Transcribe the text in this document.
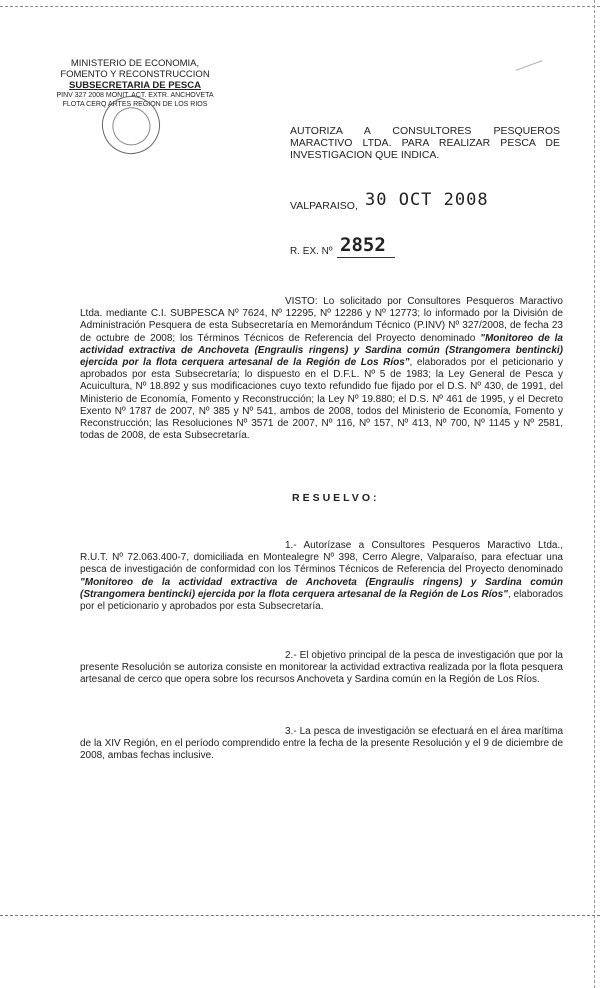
MINISTERIO DE ECONOMIA,
FOMENTO Y RECONSTRUCCION
SUBSECRETARIA DE PESCA
PINV 327 2008 MONIT. ACT. EXTR. ANCHOVETA
FLOTA CERQ ARTES REGION DE LOS RIOS
AUTORIZA A CONSULTORES PESQUEROS MARACTIVO LTDA. PARA REALIZAR PESCA DE INVESTIGACION QUE INDICA.
VALPARAISO, 30 OCT 2008
R. EX. Nº 2852
VISTO: Lo solicitado por Consultores Pesqueros Maractivo Ltda. mediante C.I. SUBPESCA Nº 7624, Nº 12295, Nº 12286 y Nº 12773; lo informado por la División de Administración Pesquera de esta Subsecretaría en Memorándum Técnico (P.INV) Nº 327/2008, de fecha 23 de octubre de 2008; los Términos Técnicos de Referencia del Proyecto denominado "Monitoreo de la actividad extractiva de Anchoveta (Engraulis ringens) y Sardina común (Strangomera bentincki) ejercida por la flota cerquera artesanal de la Región de Los Ríos", elaborados por el peticionario y aprobados por esta Subsecretaría; lo dispuesto en el D.F.L. Nº 5 de 1983; la Ley General de Pesca y Acuicultura, Nº 18.892 y sus modificaciones cuyo texto refundido fue fijado por el D.S. Nº 430, de 1991, del Ministerio de Economía, Fomento y Reconstrucción; la Ley Nº 19.880; el D.S. Nº 461 de 1995, y el Decreto Exento Nº 1787 de 2007, Nº 385 y Nº 541, ambos de 2008, todos del Ministerio de Economía, Fomento y Reconstrucción; las Resoluciones Nº 3571 de 2007, Nº 116, Nº 157, Nº 413, Nº 700, Nº 1145 y Nº 2581, todas de 2008, de esta Subsecretaría.
RESUELVO:
1.- Autorízase a Consultores Pesqueros Maractivo Ltda., R.U.T. Nº 72.063.400-7, domiciliada en Montealegre Nº 398, Cerro Alegre, Valparaíso, para efectuar una pesca de investigación de conformidad con los Términos Técnicos de Referencia del Proyecto denominado "Monitoreo de la actividad extractiva de Anchoveta (Engraulis ringens) y Sardina común (Strangomera bentincki) ejercida por la flota cerquera artesanal de la Región de Los Ríos", elaborados por el peticionario y aprobados por esta Subsecretaría.
2.- El objetivo principal de la pesca de investigación que por la presente Resolución se autoriza consiste en monitorear la actividad extractiva realizada por la flota pesquera artesanal de cerco que opera sobre los recursos Anchoveta y Sardina común en la Región de Los Ríos.
3.- La pesca de investigación se efectuará en el área marítima de la XIV Región, en el período comprendido entre la fecha de la presente Resolución y el 9 de diciembre de 2008, ambas fechas inclusive.
